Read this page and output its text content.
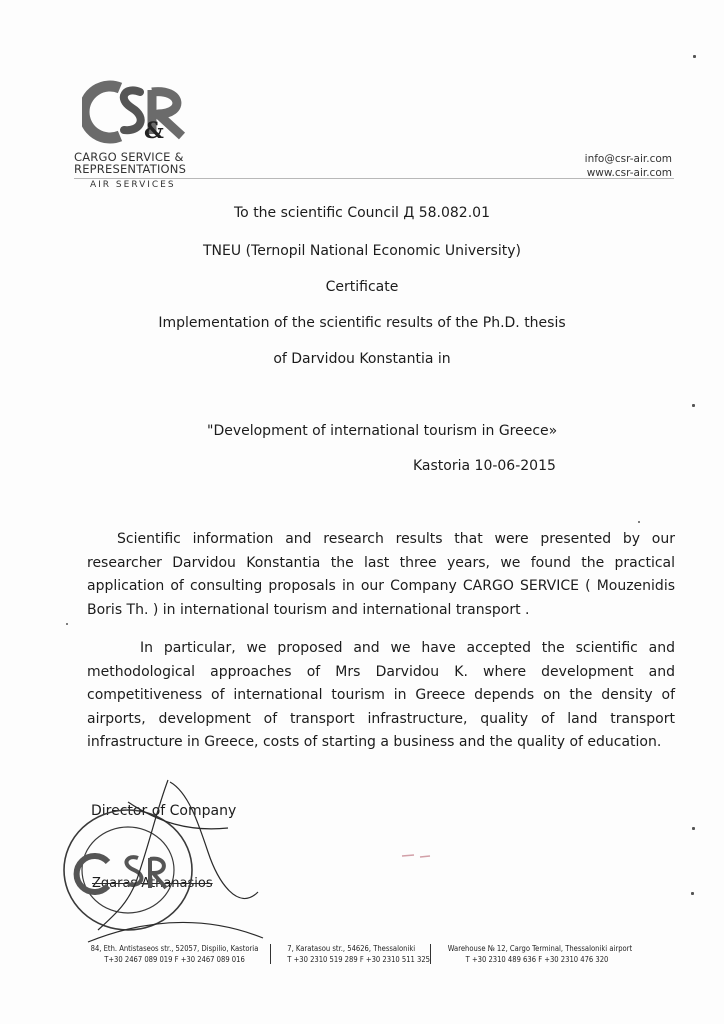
&
CARGO SERVICE &
REPRESENTATIONS
AIR SERVICES
info@csr-air.com
www.csr-air.com
To the scientific Council Д 58.082.01
TNEU (Ternopil National Economic University)
Certificate
Implementation of the scientific results of the Ph.D. thesis
of Darvidou Konstantia in
"Development of international tourism in Greece»
Kastoria 10-06-2015

Scientific information and research results that were presented by our researcher Darvidou Konstantia the last three years, we found the practical application of consulting proposals in our Company CARGO SERVICE ( Mouzenidis Boris Th. ) in international tourism and international transport .

In particular, we proposed and we have accepted the scientific and methodological approaches of Mrs Darvidou K. where development and competitiveness of international tourism in Greece depends on the density of airports, development of transport infrastructure, quality of land transport infrastructure in Greece, costs of starting a business and the quality of education.

Director of Company
Zgaras Athanasios
84, Eth. Antistaseos str., 52057, Dispilio, Kastoria
T+30 2467 089 019 F +30 2467 089 016
7, Karatasou str., 54626, Thessaloniki
T +30 2310 519 289 F +30 2310 511 325
Warehouse № 12, Cargo Terminal, Thessaloniki airport
T +30 2310 489 636 F +30 2310 476 320
